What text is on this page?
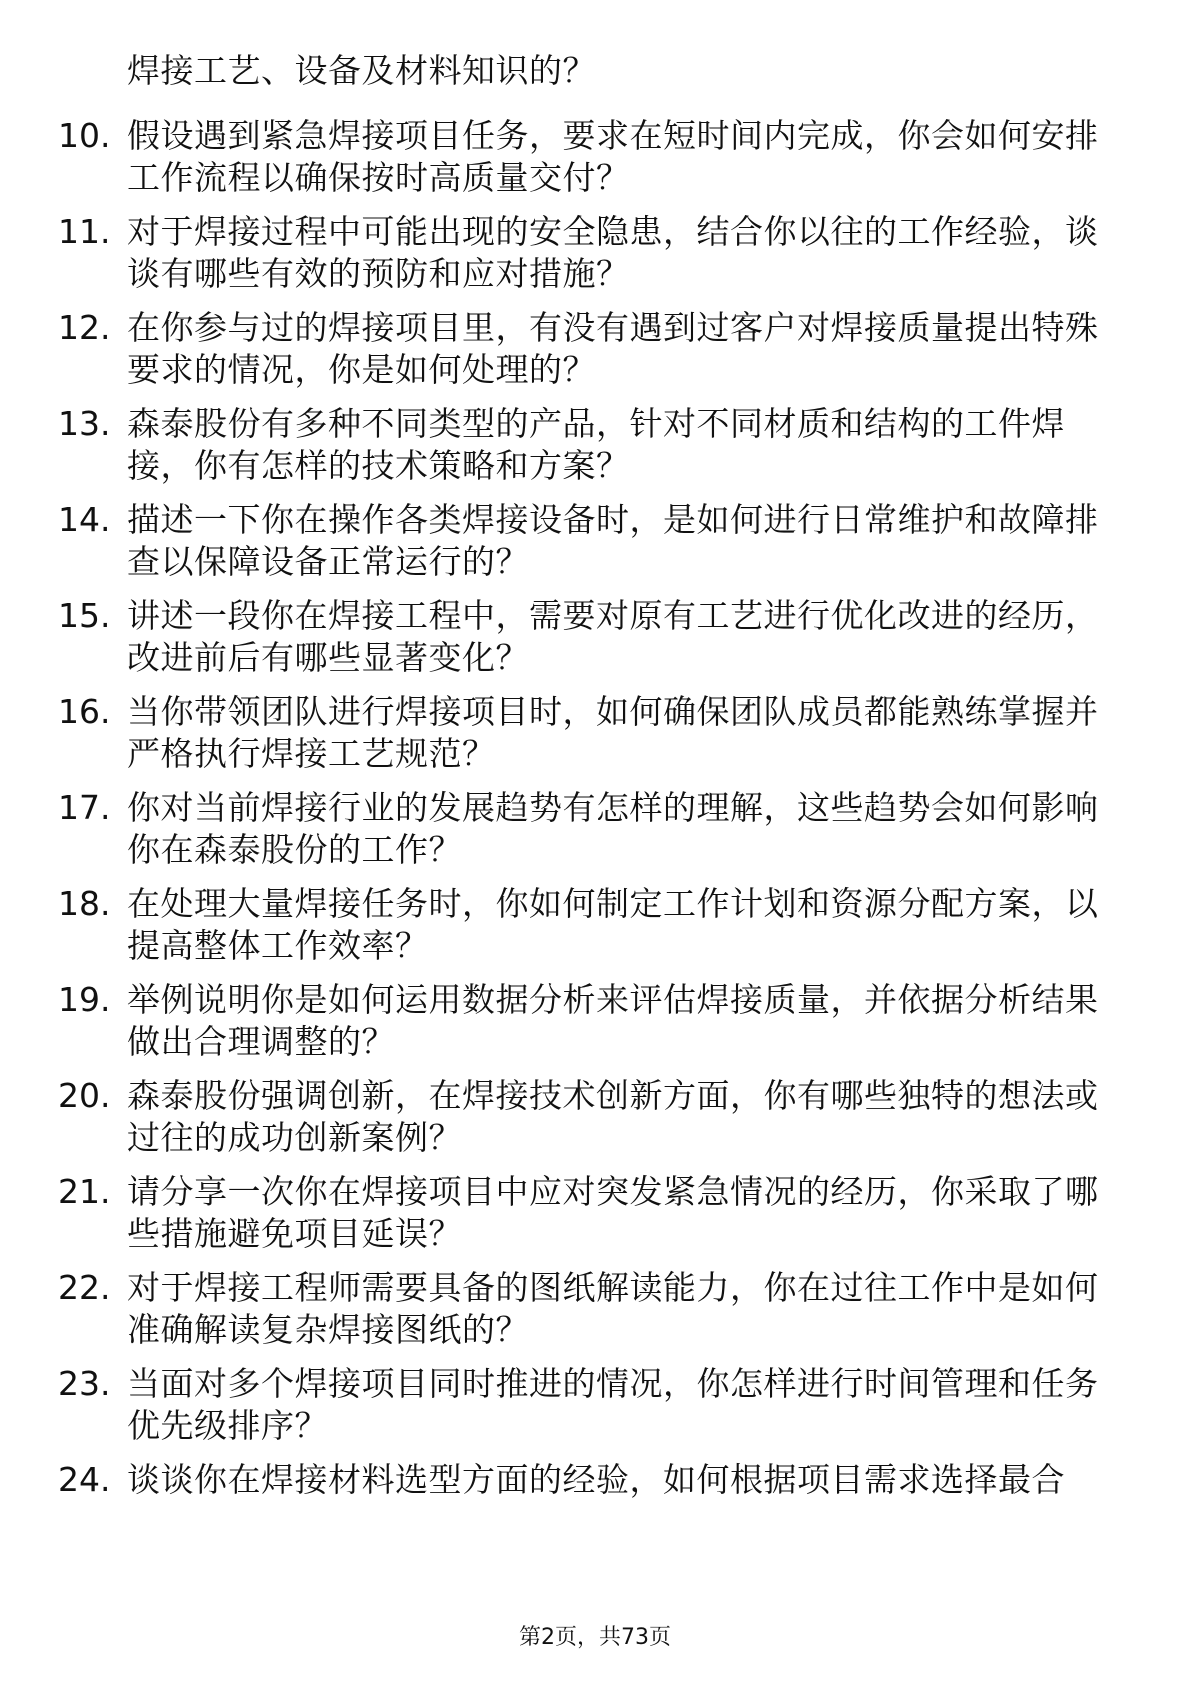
焊接工艺、设备及材料知识的？
10. 假设遇到紧急焊接项目任务，要求在短时间内完成，你会如何安排工作流程以确保按时高质量交付？
11. 对于焊接过程中可能出现的安全隐患，结合你以往的工作经验，谈谈有哪些有效的预防和应对措施？
12. 在你参与过的焊接项目里，有没有遇到过客户对焊接质量提出特殊要求的情况，你是如何处理的？
13. 森泰股份有多种不同类型的产品，针对不同材质和结构的工件焊接，你有怎样的技术策略和方案？
14. 描述一下你在操作各类焊接设备时，是如何进行日常维护和故障排查以保障设备正常运行的？
15. 讲述一段你在焊接工程中，需要对原有工艺进行优化改进的经历，改进前后有哪些显著变化？
16. 当你带领团队进行焊接项目时，如何确保团队成员都能熟练掌握并严格执行焊接工艺规范？
17. 你对当前焊接行业的发展趋势有怎样的理解，这些趋势会如何影响你在森泰股份的工作？
18. 在处理大量焊接任务时，你如何制定工作计划和资源分配方案，以提高整体工作效率？
19. 举例说明你是如何运用数据分析来评估焊接质量，并依据分析结果做出合理调整的？
20. 森泰股份强调创新，在焊接技术创新方面，你有哪些独特的想法或过往的成功创新案例？
21. 请分享一次你在焊接项目中应对突发紧急情况的经历，你采取了哪些措施避免项目延误？
22. 对于焊接工程师需要具备的图纸解读能力，你在过往工作中是如何准确解读复杂焊接图纸的？
23. 当面对多个焊接项目同时推进的情况，你怎样进行时间管理和任务优先级排序？
24. 谈谈你在焊接材料选型方面的经验，如何根据项目需求选择最合
第2页，共73页
